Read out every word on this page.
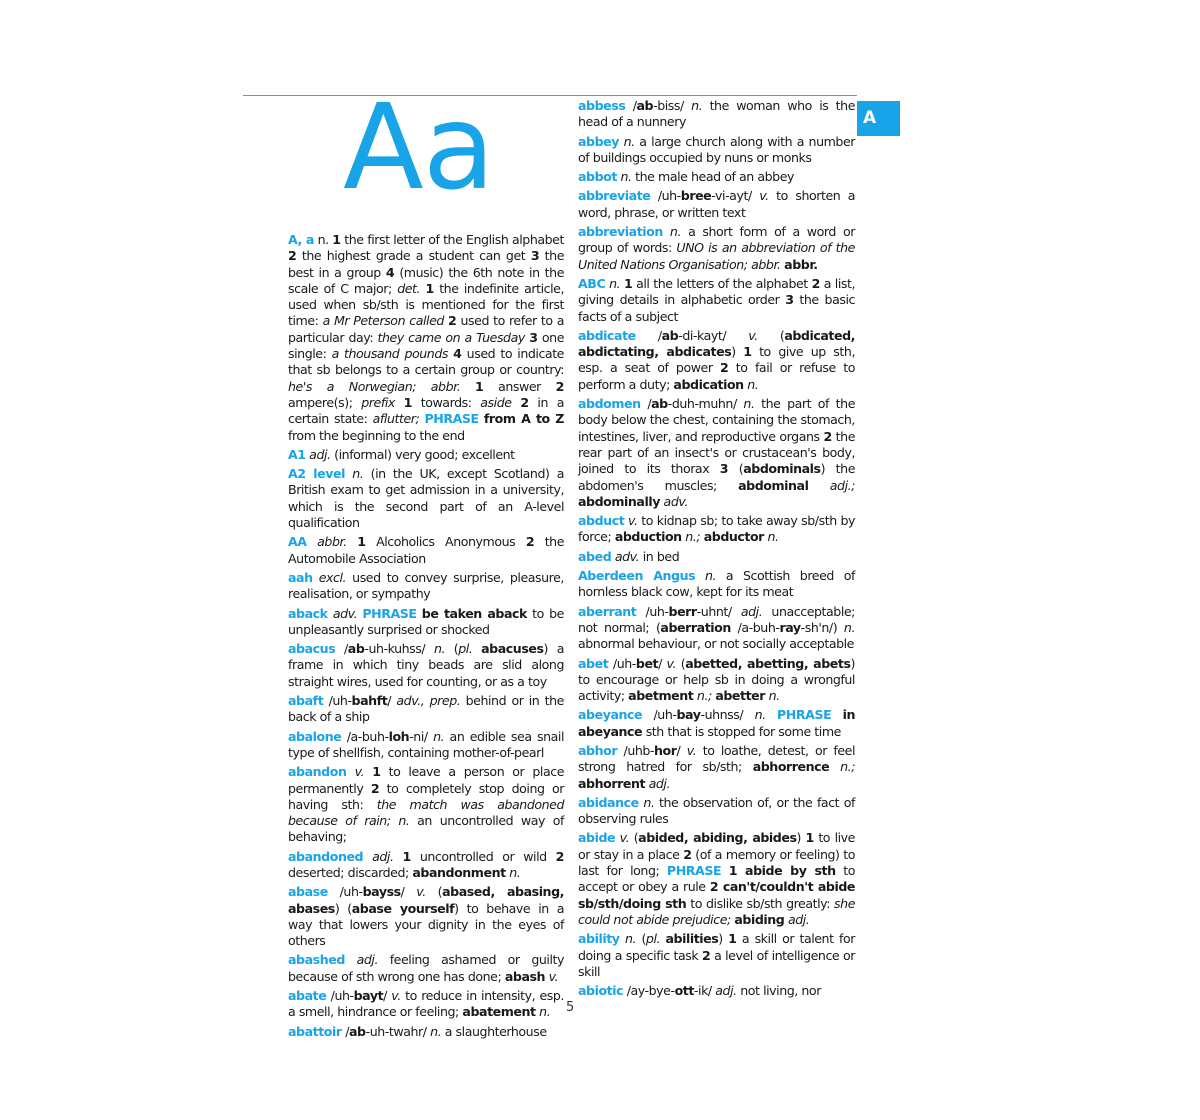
A
Aa

A, a n. 1 the first letter of the English alphabet 2 the highest grade a student can get 3 the best in a group 4 (music) the 6th note in the scale of C major; det. 1 the indefinite article, used when sb/sth is mentioned for the first time: a Mr Peterson called 2 used to refer to a particular day: they came on a Tuesday 3 one single: a thousand pounds 4 used to indicate that sb belongs to a certain group or country: he's a Norwegian; abbr. 1 answer 2 ampere(s); prefix 1 towards: aside 2 in a certain state: aflutter; PHRASE from A to Z from the beginning to the end

A1 adj. (informal) very good; excellent

A2 level n. (in the UK, except Scotland) a British exam to get admission in a university, which is the second part of an A-level qualification

AA abbr. 1 Alcoholics Anonymous 2 the Automobile Association

aah excl. used to convey surprise, pleasure, realisation, or sympathy

aback adv. PHRASE be taken aback to be unpleasantly surprised or shocked

abacus /ab-uh-kuhss/ n. (pl. abacuses) a frame in which tiny beads are slid along straight wires, used for counting, or as a toy

abaft /uh-bahft/ adv., prep. behind or in the back of a ship

abalone /a-buh-loh-ni/ n. an edible sea snail type of shellfish, containing mother-of-pearl

abandon v. 1 to leave a person or place permanently 2 to completely stop doing or having sth: the match was abandoned because of rain; n. an uncontrolled way of behaving;

abandoned adj. 1 uncontrolled or wild 2 deserted; discarded; abandonment n.

abase /uh-bayss/ v. (abased, abasing, abases) (abase yourself) to behave in a way that lowers your dignity in the eyes of others

abashed adj. feeling ashamed or guilty because of sth wrong one has done; abash v.

abate /uh-bayt/ v. to reduce in intensity, esp. a smell, hindrance or feeling; abatement n.

abattoir /ab-uh-twahr/ n. a slaughterhouse

abbess /ab-biss/ n. the woman who is the head of a nunnery

abbey n. a large church along with a number of buildings occupied by nuns or monks

abbot n. the male head of an abbey

abbreviate /uh-bree-vi-ayt/ v. to shorten a word, phrase, or written text

abbreviation n. a short form of a word or group of words: UNO is an abbreviation of the United Nations Organisation; abbr. abbr.

ABC n. 1 all the letters of the alphabet 2 a list, giving details in alphabetic order 3 the basic facts of a subject

abdicate /ab-di-kayt/ v. (abdicated, abdictating, abdicates) 1 to give up sth, esp. a seat of power 2 to fail or refuse to perform a duty; abdication n.

abdomen /ab-duh-muhn/ n. the part of the body below the chest, containing the stomach, intestines, liver, and reproductive organs 2 the rear part of an insect's or crustacean's body, joined to its thorax 3 (abdominals) the abdomen's muscles; abdominal adj.; abdominally adv.

abduct v. to kidnap sb; to take away sb/sth by force; abduction n.; abductor n.

abed adv. in bed

Aberdeen Angus n. a Scottish breed of hornless black cow, kept for its meat

aberrant /uh-berr-uhnt/ adj. unacceptable; not normal; (aberration /a-buh-ray-sh'n/) n. abnormal behaviour, or not socially acceptable

abet /uh-bet/ v. (abetted, abetting, abets) to encourage or help sb in doing a wrongful activity; abetment n.; abetter n.

abeyance /uh-bay-uhnss/ n. PHRASE in abeyance sth that is stopped for some time

abhor /uhb-hor/ v. to loathe, detest, or feel strong hatred for sb/sth; abhorrence n.; abhorrent adj.

abidance n. the observation of, or the fact of observing rules

abide v. (abided, abiding, abides) 1 to live or stay in a place 2 (of a memory or feeling) to last for long; PHRASE 1 abide by sth to accept or obey a rule 2 can't/couldn't abide sb/sth/doing sth to dislike sb/sth greatly: she could not abide prejudice; abiding adj.

ability n. (pl. abilities) 1 a skill or talent for doing a specific task 2 a level of intelligence or skill

abiotic /ay-bye-ott-ik/ adj. not living, nor

5
